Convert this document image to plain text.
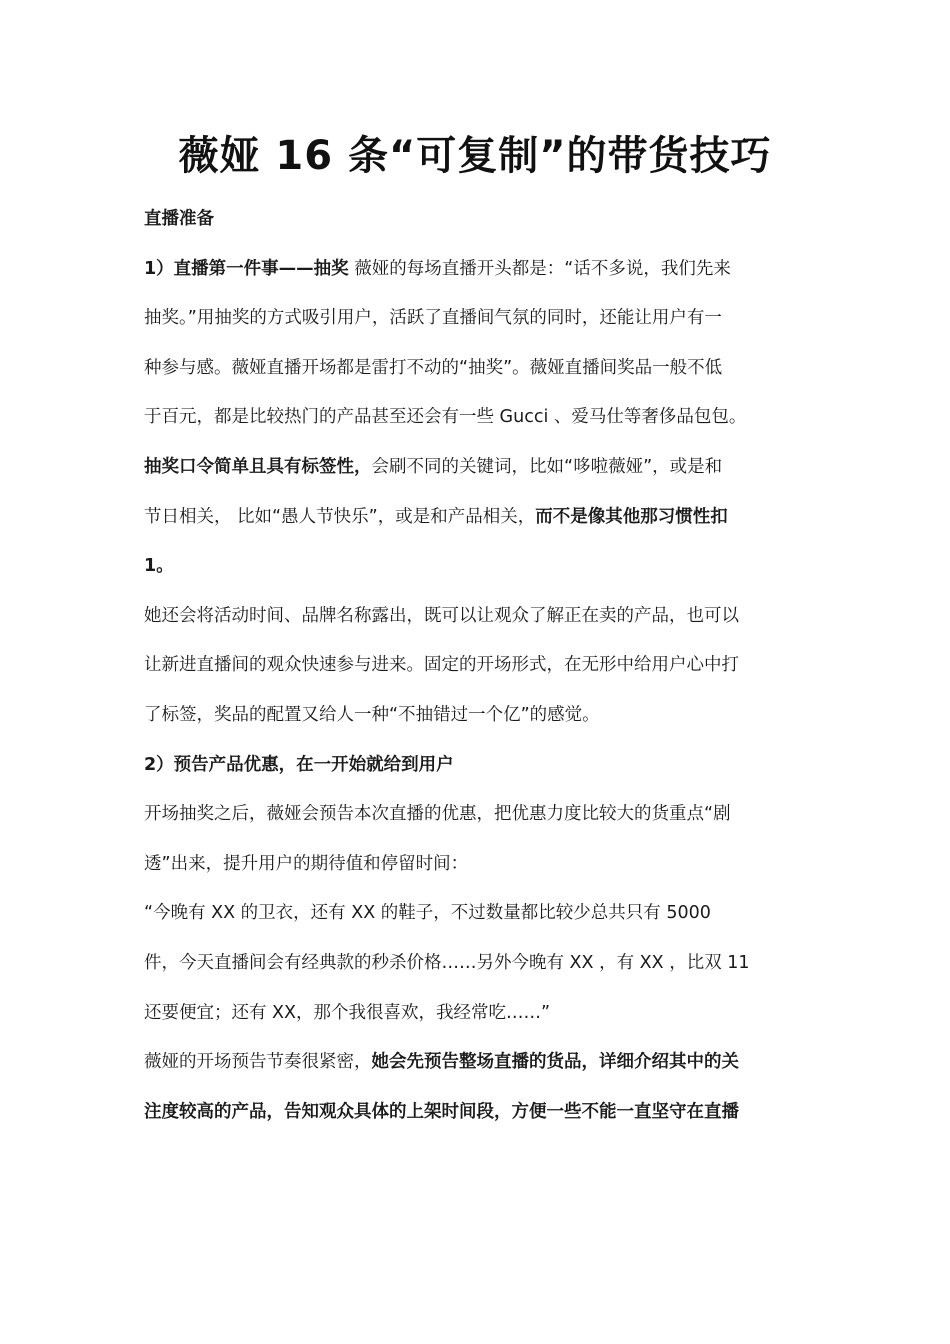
薇娅 16 条“可复制”的带货技巧
直播准备
1）直播第一件事——抽奖 薇娅的每场直播开头都是：“话不多说，我们先来
抽奖。”用抽奖的方式吸引用户，活跃了直播间气氛的同时，还能让用户有一
种参与感。薇娅直播开场都是雷打不动的“抽奖”。薇娅直播间奖品一般不低
于百元，都是比较热门的产品甚至还会有一些 Gucci 、爱马仕等奢侈品包包。
抽奖口令简单且具有标签性，会刷不同的关键词，比如“哆啦薇娅”，或是和
节日相关， 比如“愚人节快乐”，或是和产品相关，而不是像其他那习惯性扣
1。
她还会将活动时间、品牌名称露出，既可以让观众了解正在卖的产品，也可以
让新进直播间的观众快速参与进来。固定的开场形式，在无形中给用户心中打
了标签，奖品的配置又给人一种“不抽错过一个亿”的感觉。
2）预告产品优惠，在一开始就给到用户
开场抽奖之后，薇娅会预告本次直播的优惠，把优惠力度比较大的货重点“剧
透”出来，提升用户的期待值和停留时间：
“今晚有 XX 的卫衣，还有 XX 的鞋子，不过数量都比较少总共只有 5000
件，今天直播间会有经典款的秒杀价格……另外今晚有 XX ，有 XX ，比双 11
还要便宜；还有 XX，那个我很喜欢，我经常吃……”
薇娅的开场预告节奏很紧密，她会先预告整场直播的货品，详细介绍其中的关
注度较高的产品，告知观众具体的上架时间段，方便一些不能一直坚守在直播
